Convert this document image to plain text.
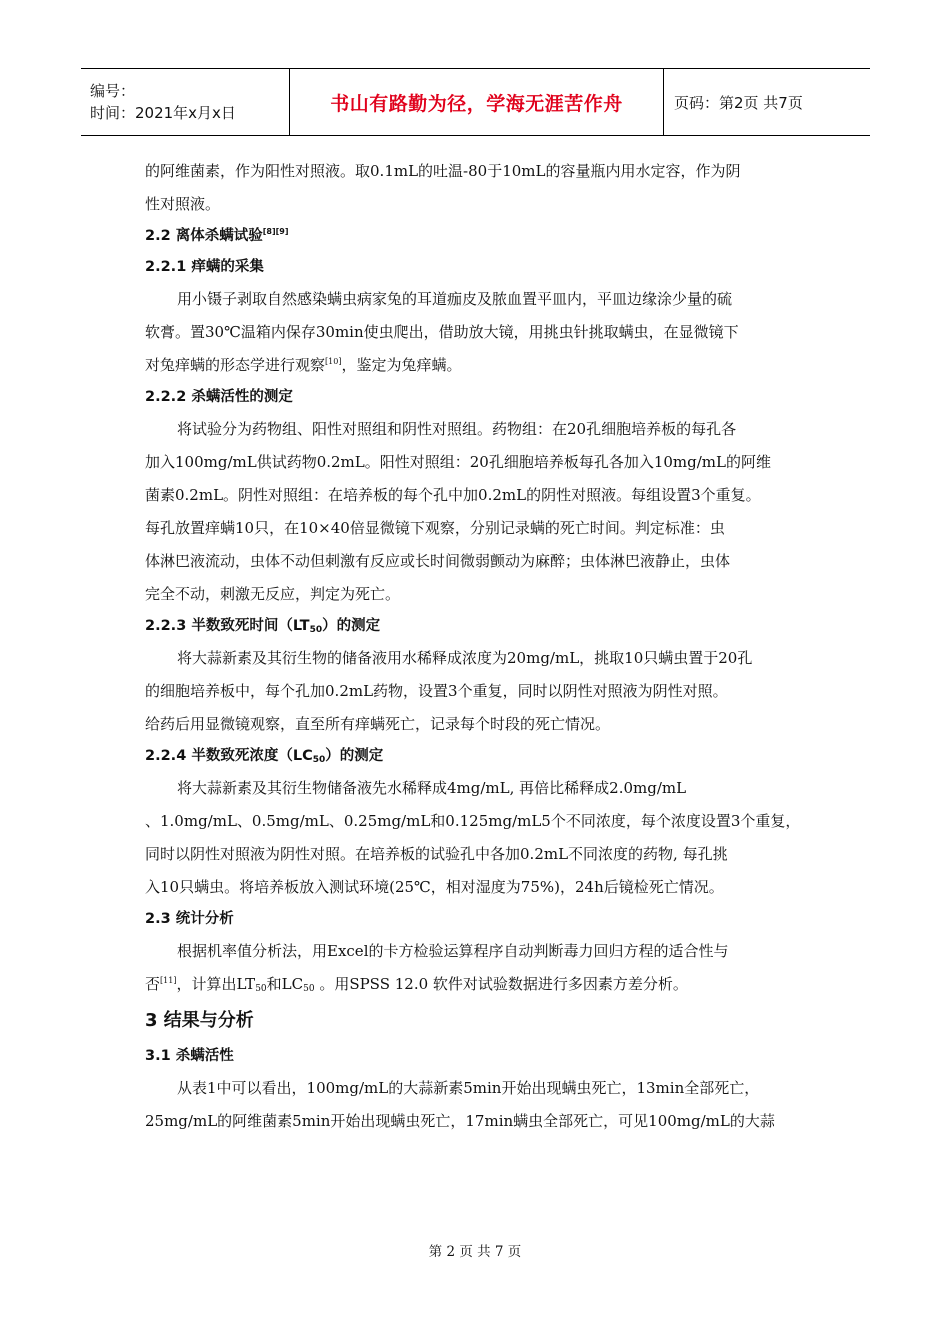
编号：
时间：2021年x月x日	书山有路勤为径，学海无涯苦作舟	页码：第2页 共7页

的阿维菌素，作为阳性对照液。取0.1mL的吐温-80于10mL的容量瓶内用水定容，作为阴

性对照液。

2.2 离体杀螨试验[8][9]

2.2.1 痒螨的采集

用小镊子剥取自然感染螨虫病家兔的耳道痂皮及脓血置平皿内，平皿边缘涂少量的硫

软膏。置30℃温箱内保存30min使虫爬出，借助放大镜，用挑虫针挑取螨虫，在显微镜下

对兔痒螨的形态学进行观察[10]，鉴定为兔痒螨。

2.2.2 杀螨活性的测定

将试验分为药物组、阳性对照组和阴性对照组。药物组：在20孔细胞培养板的每孔各

加入100mg/mL供试药物0.2mL。阳性对照组：20孔细胞培养板每孔各加入10mg/mL的阿维

菌素0.2mL。阴性对照组：在培养板的每个孔中加0.2mL的阴性对照液。每组设置3个重复。

每孔放置痒螨10只，在10×40倍显微镜下观察，分别记录螨的死亡时间。判定标准：虫

体淋巴液流动，虫体不动但刺激有反应或长时间微弱颤动为麻醉；虫体淋巴液静止，虫体

完全不动，刺激无反应，判定为死亡。

2.2.3 半数致死时间$(LT_{50})$的测定

将大蒜新素及其衍生物的储备液用水稀释成浓度为20mg/mL，挑取10只螨虫置于20孔

的细胞培养板中，每个孔加0.2mL药物，设置3个重复，同时以阴性对照液为阴性对照。

给药后用显微镜观察，直至所有痒螨死亡，记录每个时段的死亡情况。

2.2.4 半数致死浓度$(LC_{50})$的测定

将大蒜新素及其衍生物储备液先水稀释成4mg/mL, 再倍比稀释成2.0mg/mL

、1.0mg/mL、0.5mg/mL、0.25mg/mL和0.125mg/mL5个不同浓度，每个浓度设置3个重复，

同时以阴性对照液为阴性对照。在培养板的试验孔中各加0.2mL不同浓度的药物, 每孔挑

入10只螨虫。将培养板放入测试环境(25℃，相对湿度为75%)，24h后镜检死亡情况。

2.3 统计分析

根据机率值分析法，用Excel的卡方检验运算程序自动判断毒力回归方程的适合性与

否[11]，计算出$LT_{50}$和$LC_{50}$ 。用SPSS 12.0 软件对试验数据进行多因素方差分析。

3 结果与分析

3.1 杀螨活性

从表1中可以看出，100mg/mL的大蒜新素5min开始出现螨虫死亡，13min全部死亡，

25mg/mL的阿维菌素5min开始出现螨虫死亡，17min螨虫全部死亡，可见100mg/mL的大蒜

第 2 页 共 7 页
